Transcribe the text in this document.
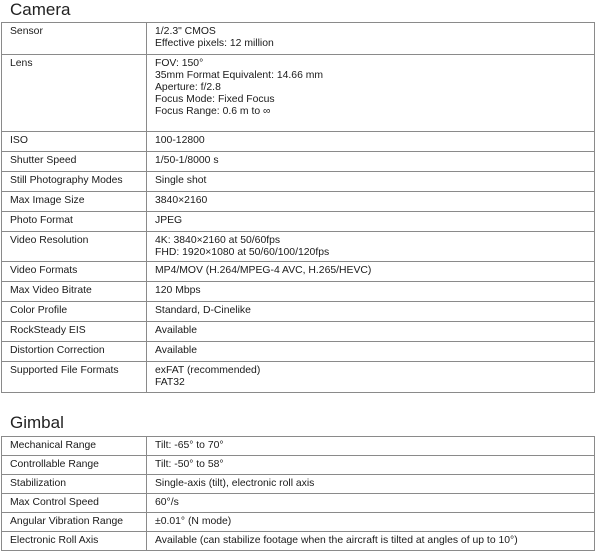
Camera
Sensor	1/2.3" CMOS
Effective pixels: 12 million

Lens	FOV: 150°
35mm Format Equivalent: 14.66 mm
Aperture: f/2.8
Focus Mode: Fixed Focus
Focus Range: 0.6 m to ∞

ISO	100-12800

Shutter Speed	1/50-1/8000 s

Still Photography Modes	Single shot

Max Image Size	3840×2160

Photo Format	JPEG

Video Resolution	4K: 3840×2160 at 50/60fps
FHD: 1920×1080 at 50/60/100/120fps

Video Formats	MP4/MOV (H.264/MPEG-4 AVC, H.265/HEVC)

Max Video Bitrate	120 Mbps

Color Profile	Standard, D-Cinelike

RockSteady EIS	Available

Distortion Correction	Available

Supported File Formats	exFAT (recommended)
FAT32
Gimbal
Mechanical Range	Tilt: -65° to 70°

Controllable Range	Tilt: -50° to 58°

Stabilization	Single-axis (tilt), electronic roll axis

Max Control Speed	60°/s

Angular Vibration Range	±0.01° (N mode)

Electronic Roll Axis	Available (can stabilize footage when the aircraft is tilted at angles of up to 10°)
